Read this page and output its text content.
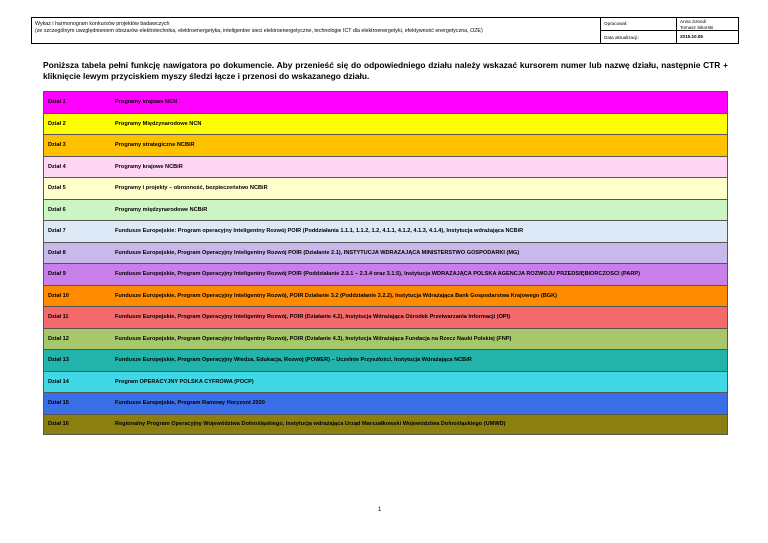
Wykaz i harmonogram konkursów projektów badawczych
(ze szczególnym uwzględnieniem obszarów elektrotechnika, elektroenergetyka, inteligentne sieci elektroenergetyczne, technologie ICT dla elektroenergetyki, efektywność energetyczna, OZE)
Opracował:
Data aktualizacji:
Anna Szendi
Tomasz Sikorski
2015.10.05
Poniższa tabela pełni funkcję nawigatora po dokumencie. Aby przenieść się do odpowiedniego działu należy wskazać kursorem numer lub nazwę działu, następnie CTR + kliknięcie lewym przyciskiem myszy śledzi łącze i przenosi do wskazanego działu.
Dział 1	Programy krajowe NCN
Dział 2	Programy Międzynarodowe NCN
Dział 3	Programy strategiczne NCBiR
Dział 4	Programy krajowe NCBiR
Dział 5	Programy i projekty – obronność, bezpieczeństwo NCBiR
Dział 6	Programy międzynarodowe NCBiR
Dział 7	Fundusze Europejskie: Program operacyjny Inteligentny Rozwój POIR (Poddziałania 1.1.1, 1.1.2, 1.2, 4.1.1, 4.1.2, 4.1.3, 4.1.4), Instytucja wdrażająca NCBiR
Dział 8	Fundusze Europejskie, Program Operacyjny Inteligentny Rozwój POIR (Działanie 2.1), INSTYTUCJA WDRAŻAJĄCA MINISTERSTWO GOSPODARKI (MG)
Dział 9	Fundusze Europejskie, Program Operacyjny Inteligentny Rozwój POIR (Poddziałanie 2.3.1 – 2.3.4 oraz 3.1.5), Instytucja WDRAŻAJĄCA POLSKA AGENCJA ROZWOJU PRZEDSIĘBIORCZOŚCI (PARP)
Dział 10	Fundusze Europejskie, Program Operacyjny Inteligentny Rozwój, POIR Działanie 3.2 (Poddziałanie 3.2.2), Instytucja Wdrażająca Bank Gospodarstwa Krajowego (BGK)
Dział 11	Fundusze Europejskie, Program Operacyjny Inteligentny Rozwój, POIR (Działanie 4.2), Instytucja Wdrażająca Ośrodek Przetwarzania Informacji (OPI)
Dział 12	Fundusze Europejskie, Program Operacyjny Inteligentny Rozwój, POIR (Działanie 4.3), Instytucja Wdrażająca Fundacja na Rzecz Nauki Polskiej (FNP)
Dział 13	Fundusze Europejskie, Program Operacyjny Wiedza, Edukacja, Rozwój (POWER) – Uczelnie Przyszłości, Instytucja Wdrażająca NCBiR
Dział 14	Program OPERACYJNY POLSKA CYFROWA (POCP)
Dział 15	Fundusze Europejskie, Program Ramowy Horyzont 2020
Dział 16	Regionalny Program Operacyjny Województwa Dolnośląskiego, Instytucja wdrażająca Urząd Marszałkowski Województwa Dolnośląskiego (UMWD)
1
